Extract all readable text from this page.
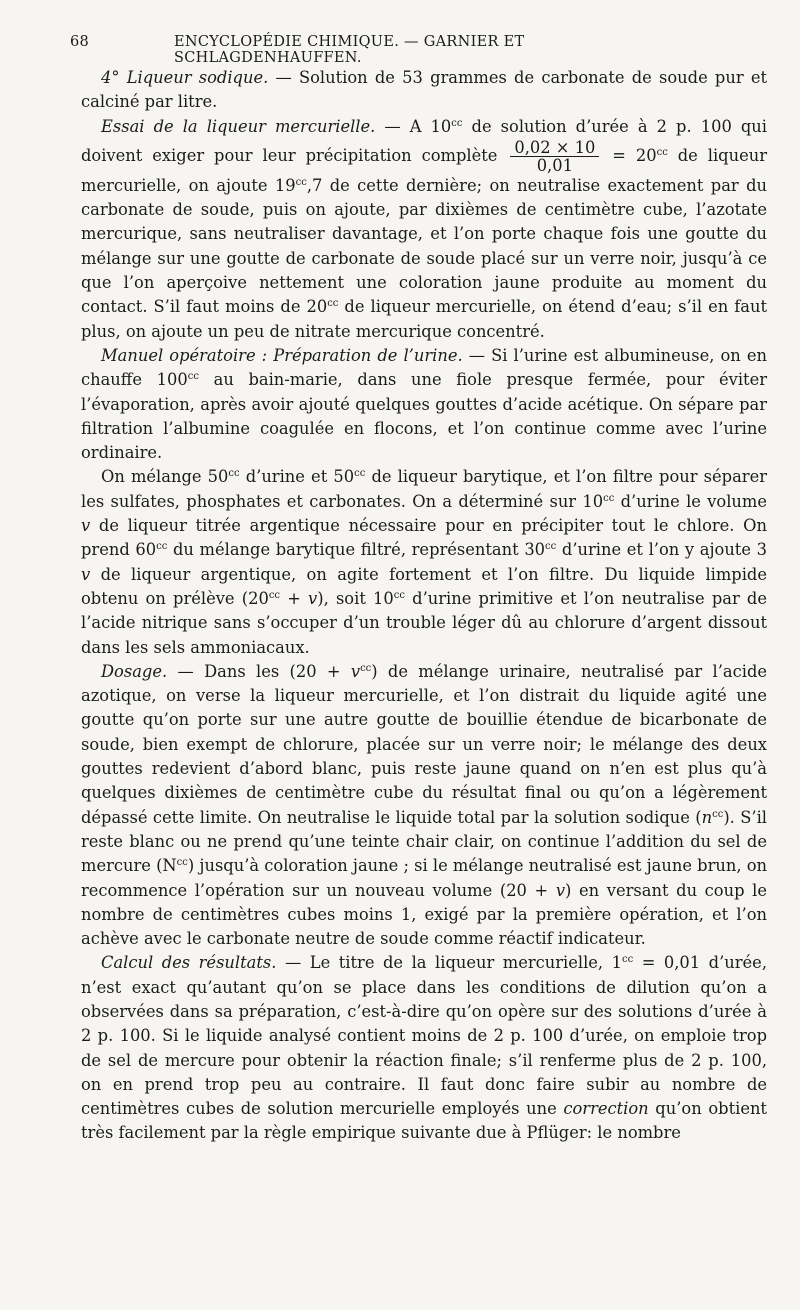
68	ENCYCLOPÉDIE CHIMIQUE. — GARNIER ET SCHLAGDENHAUFFEN.

4° Liqueur sodique. — Solution de 53 grammes de carbonate de soude pur et calciné par litre.

Essai de la liqueur mercurielle. — A $10^{cc}$ de solution d’urée à 2 p. 100 qui doivent exiger pour leur précipitation complète $\frac{0,02 \times 10}{0,01} = 20^{cc}$ de liqueur mercurielle, on ajoute $19^{cc},7$ de cette dernière; on neutralise exactement par du carbonate de soude, puis on ajoute, par dixièmes de centimètre cube, l’azotate mercurique, sans neutraliser davantage, et l’on porte chaque fois une goutte du mélange sur une goutte de carbonate de soude placé sur un verre noir, jusqu’à ce que l’on aperçoive nettement une coloration jaune produite au moment du contact. S’il faut moins de $20^{cc}$ de liqueur mercurielle, on étend d’eau; s’il en faut plus, on ajoute un peu de nitrate mercurique concentré.

Manuel opératoire : Préparation de l’urine. — Si l’urine est albumineuse, on en chauffe $100^{cc}$ au bain-marie, dans une fiole presque fermée, pour éviter l’évaporation, après avoir ajouté quelques gouttes d’acide acétique. On sépare par filtration l’albumine coagulée en flocons, et l’on continue comme avec l’urine ordinaire.

On mélange $50^{cc}$ d’urine et $50^{cc}$ de liqueur barytique, et l’on filtre pour séparer les sulfates, phosphates et carbonates. On a déterminé sur $10^{cc}$ d’urine le volume v de liqueur titrée argentique nécessaire pour en précipiter tout le chlore. On prend $60^{cc}$ du mélange barytique filtré, représentant $30^{cc}$ d’urine et l’on y ajoute 3 v de liqueur argentique, on agite fortement et l’on filtre. Du liquide limpide obtenu on prélève $(20^{cc} + v)$, soit $10^{cc}$ d’urine primitive et l’on neutralise par de l’acide nitrique sans s’occuper d’un trouble léger dû au chlorure d’argent dissout dans les sels ammoniacaux.

Dosage. — Dans les $(20 + v^{cc})$ de mélange urinaire, neutralisé par l’acide azotique, on verse la liqueur mercurielle, et l’on distrait du liquide agité une goutte qu’on porte sur une autre goutte de bouillie étendue de bicarbonate de soude, bien exempt de chlorure, placée sur un verre noir; le mélange des deux gouttes redevient d’abord blanc, puis reste jaune quand on n’en est plus qu’à quelques dixièmes de centimètre cube du résultat final ou qu’on a légèrement dépassé cette limite. On neutralise le liquide total par la solution sodique $(n^{cc})$. S’il reste blanc ou ne prend qu’une teinte chair clair, on continue l’addition du sel de mercure $(N^{cc})$ jusqu’à coloration jaune ; si le mélange neutralisé est jaune brun, on recommence l’opération sur un nouveau volume (20 + v) en versant du coup le nombre de centimètres cubes moins 1, exigé par la première opération, et l’on achève avec le carbonate neutre de soude comme réactif indicateur.

Calcul des résultats. — Le titre de la liqueur mercurielle, $1^{cc} = 0,01$ d’urée, n’est exact qu’autant qu’on se place dans les conditions de dilution qu’on a observées dans sa préparation, c’est-à-dire qu’on opère sur des solutions d’urée à 2 p. 100. Si le liquide analysé contient moins de 2 p. 100 d’urée, on emploie trop de sel de mercure pour obtenir la réaction finale; s’il renferme plus de 2 p. 100, on en prend trop peu au contraire. Il faut donc faire subir au nombre de centimètres cubes de solution mercurielle employés une correction qu’on obtient très facilement par la règle empirique suivante due à Pflüger: le nombre
